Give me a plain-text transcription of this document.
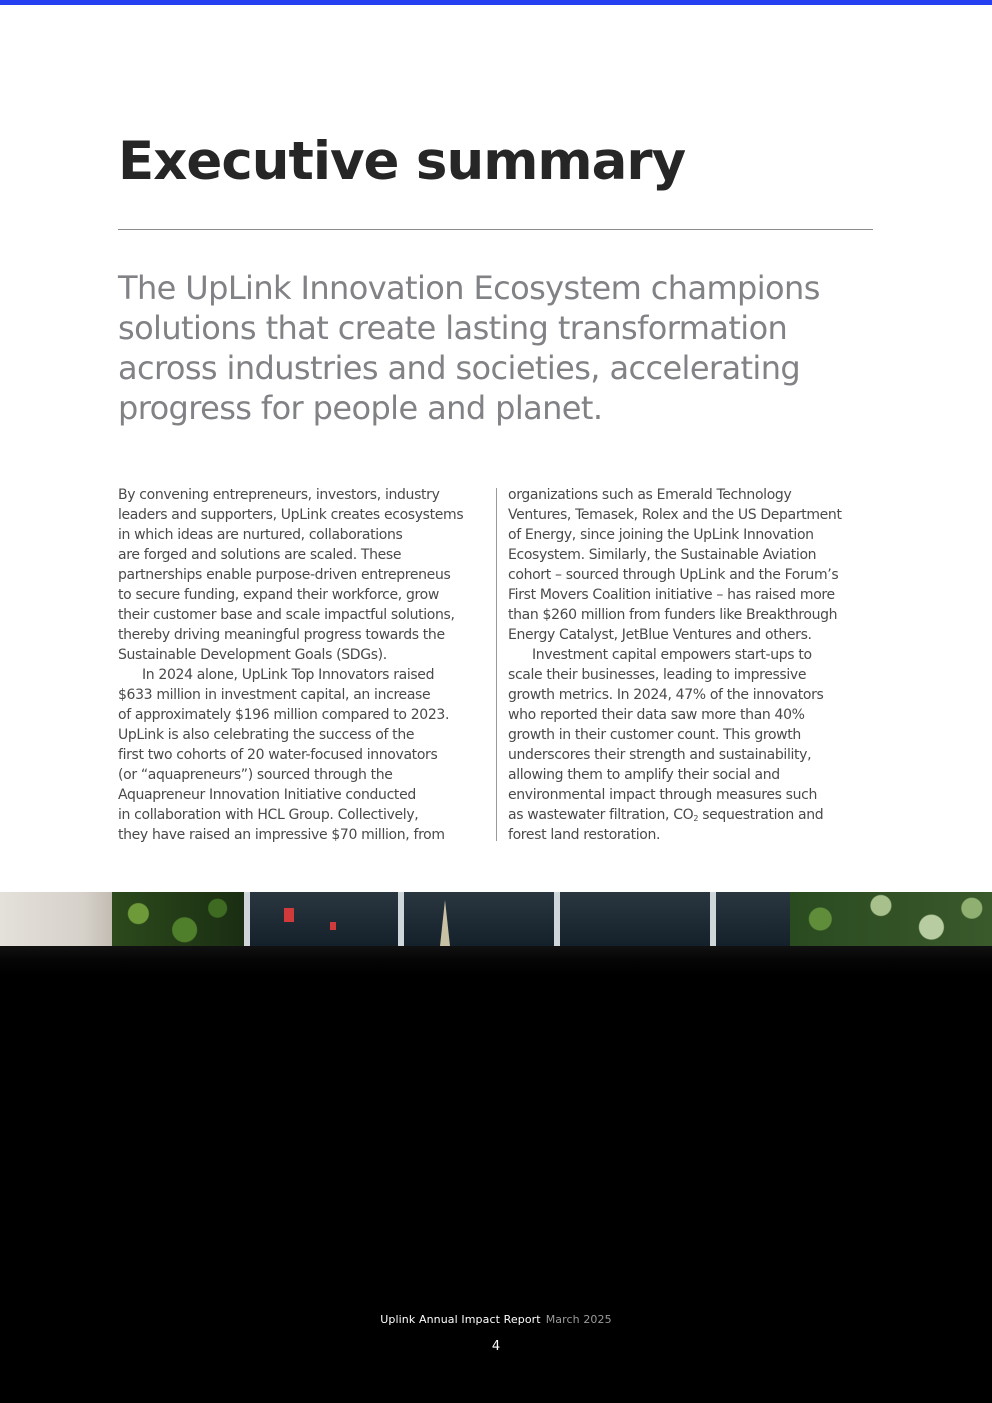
Executive summary

The UpLink Innovation Ecosystem champions solutions that create lasting transformation across industries and societies, accelerating progress for people and planet.

By convening entrepreneurs, investors, industry
leaders and supporters, UpLink creates ecosystems
in which ideas are nurtured, collaborations
are forged and solutions are scaled. These
partnerships enable purpose-driven entrepreneus
to secure funding, expand their workforce, grow
their customer base and scale impactful solutions,
thereby driving meaningful progress towards the
Sustainable Development Goals (SDGs).
In 2024 alone, UpLink Top Innovators raised
$633 million in investment capital, an increase
of approximately $196 million compared to 2023.
UpLink is also celebrating the success of the
first two cohorts of 20 water-focused innovators
(or “aquapreneurs”) sourced through the
Aquapreneur Innovation Initiative conducted
in collaboration with HCL Group. Collectively,
they have raised an impressive $70 million, from
organizations such as Emerald Technology
Ventures, Temasek, Rolex and the US Department
of Energy, since joining the UpLink Innovation
Ecosystem. Similarly, the Sustainable Aviation
cohort – sourced through UpLink and the Forum’s
First Movers Coalition initiative – has raised more
than $260 million from funders like Breakthrough
Energy Catalyst, JetBlue Ventures and others.
Investment capital empowers start-ups to
scale their businesses, leading to impressive
growth metrics. In 2024, 47% of the innovators
who reported their data saw more than 40%
growth in their customer count. This growth
underscores their strength and sustainability,
allowing them to amplify their social and
environmental impact through measures such
as wastewater filtration, $CO_2$ sequestration and
forest land restoration.
Uplink Annual Impact Report March 2025
4
